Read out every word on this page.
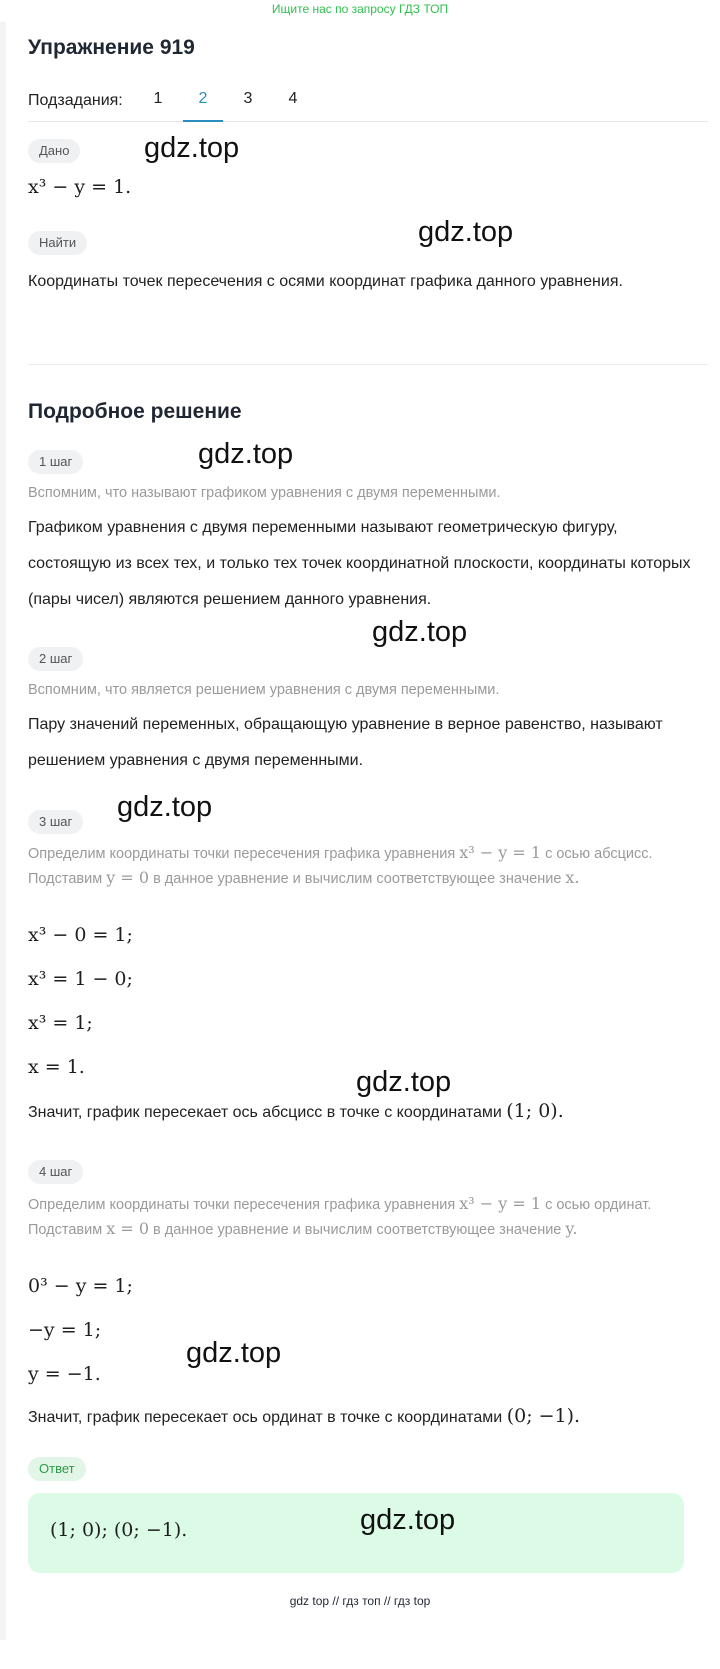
Ищите нас по запросу ГДЗ ТОП
Упражнение 919
Подзадания:	1	2	3	4
Дано	gdz.top
x³ − y = 1.
Найти	gdz.top
Координаты точек пересечения с осями координат графика данного уравнения.
Подробное решение
1 шаг	gdz.top
Вспомним, что называют графиком уравнения с двумя переменными.
Графиком уравнения с двумя переменными называют геометрическую фигуру, состоящую из всех тех, и только тех точек координатной плоскости, координаты которых (пары чисел) являются решением данного уравнения.
2 шаг
gdz.top
Вспомним, что является решением уравнения с двумя переменными.
Пару значений переменных, обращающую уравнение в верное равенство, называют решением уравнения с двумя переменными.
3 шаг	gdz.top
Определим координаты точки пересечения графика уравнения x³ − y = 1 с осью абсцисс. Подставим y = 0 в данное уравнение и вычислим соответствующее значение x.
x³ − 0 = 1;
x³ = 1 − 0;
x³ = 1;
x = 1.	gdz.top
Значит, график пересекает ось абсцисс в точке с координатами (1; 0).
4 шаг
Определим координаты точки пересечения графика уравнения x³ − y = 1 с осью ординат. Подставим x = 0 в данное уравнение и вычислим соответствующее значение y.
0³ − y = 1;
−y = 1;
gdz.top
y = −1.
Значит, график пересекает ось ординат в точке с координатами (0; −1).
Ответ
(1; 0); (0; −1).	gdz.top
gdz top // гдз топ // гдз top
